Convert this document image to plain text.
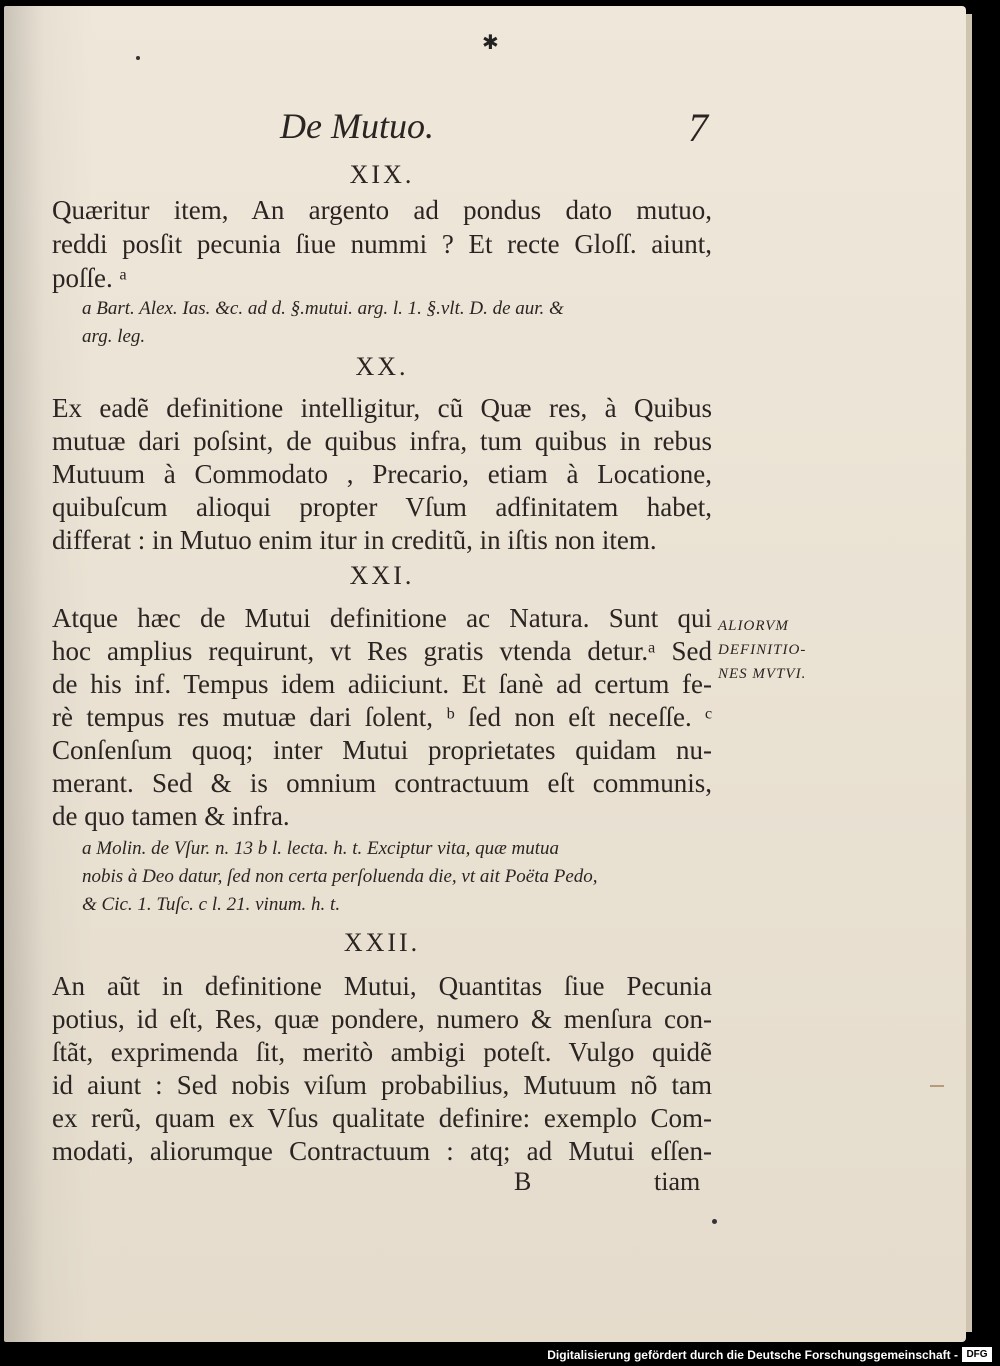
✱
De Mutuo.	7
XIX.
Quæritur item, An argento ad pondus dato mutuo,
reddi posſit pecunia ſiue nummi ? Et recte Gloſſ. aiunt,
poſſe. ᵃ
a Bart. Alex. Ias. &c. ad d. §.mutui. arg. l. 1. §.vlt. D. de aur. &
arg. leg.
XX.
Ex eadẽ definitione intelligitur, cũ Quæ res, à Quibus
mutuæ dari poſsint, de quibus infra, tum quibus in rebus
Mutuum à Commodato , Precario, etiam à Locatione,
quibuſcum alioqui propter Vſum adfinitatem habet,
differat : in Mutuo enim itur in creditũ, in iſtis non item.
XXI.
Atque hæc de Mutui definitione ac Natura. Sunt qui
hoc amplius requirunt, vt Res gratis vtenda detur.ᵃ Sed
de his inf. Tempus idem adiiciunt. Et ſanè ad certum fe-
rè tempus res mutuæ dari ſolent, ᵇ ſed non eſt neceſſe. ᶜ
Conſenſum quoq; inter Mutui proprietates quidam nu-
merant. Sed & is omnium contractuum eſt communis,
de quo tamen & infra.
a Molin. de Vſur. n. 13 b l. lecta. h. t. Exciptur vita, quæ mutua
nobis à Deo datur, ſed non certa perſoluenda die, vt ait Poëta Pedo,
& Cic. 1. Tuſc. c l. 21. vinum. h. t.
ALIORVM
DEFINITIO-
NES MVTVI.
XXII.
An aũt in definitione Mutui, Quantitas ſiue Pecunia
potius, id eſt, Res, quæ pondere, numero & menſura con-
ſtãt, exprimenda ſit, meritò ambigi poteſt. Vulgo quidẽ
id aiunt : Sed nobis viſum probabilius, Mutuum nõ tam
ex rerũ, quam ex Vſus qualitate definire: exemplo Com-
modati, aliorumque Contractuum : atq; ad Mutui eſſen-
B	tiam
Digitalisierung gefördert durch die Deutsche Forschungsgemeinschaft - DFG
